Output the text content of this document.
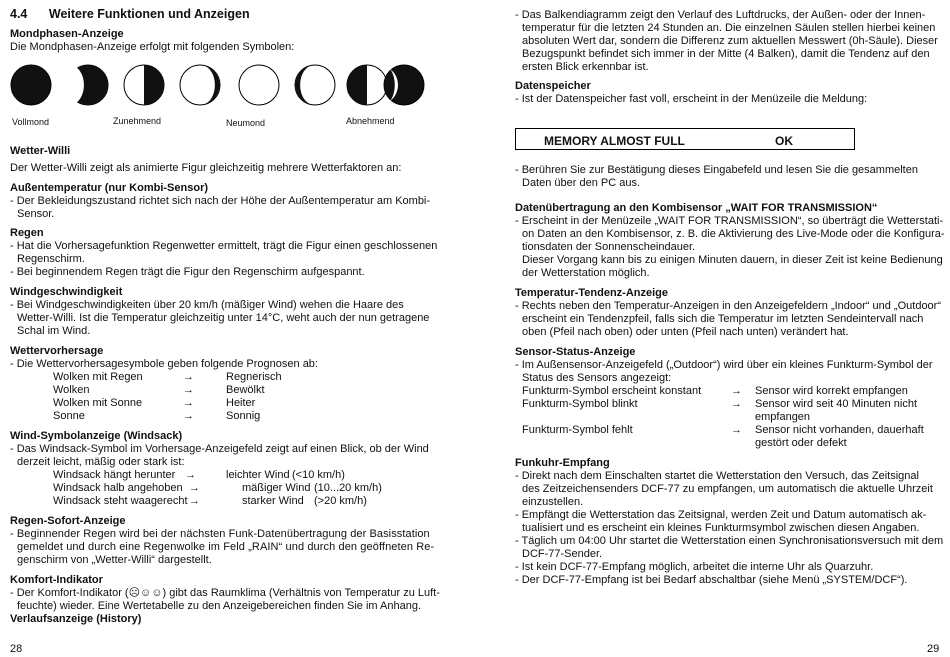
4.4 Weitere Funktionen und Anzeigen
Mondphasen-Anzeige
Die Mondphasen-Anzeige erfolgt mit folgenden Symbolen:
Vollmond	Zunehmend	Neumond	Abnehmend
Wetter-Willi
Der Wetter-Willi zeigt als animierte Figur gleichzeitig mehrere Wetterfaktoren an:
Außentemperatur (nur Kombi-Sensor)
- Der Bekleidungszustand richtet sich nach der Höhe der Außentemperatur am Kombi-
Sensor.
Regen
- Hat die Vorhersagefunktion Regenwetter ermittelt, trägt die Figur einen geschlossenen
Regenschirm.
- Bei beginnendem Regen trägt die Figur den Regenschirm aufgespannt.
Windgeschwindigkeit
- Bei Windgeschwindigkeiten über 20 km/h (mäßiger Wind) wehen die Haare des
Wetter-Willi. Ist die Temperatur gleichzeitig unter 14°C, weht auch der nun getragene
Schal im Wind.
Wettervorhersage
- Die Wettervorhersagesymbole geben folgende Prognosen ab:
Wolken mit Regen	→	Regnerisch
Wolken	→	Bewölkt
Wolken mit Sonne	→	Heiter
Sonne	→	Sonnig
Wind-Symbolanzeige (Windsack)
- Das Windsack-Symbol im Vorhersage-Anzeigefeld zeigt auf einen Blick, ob der Wind
derzeit leicht, mäßig oder stark ist:
Windsack hängt herunter →	leichter Wind (<10 km/h)
Windsack halb angehoben →	mäßiger Wind (10...20 km/h)
Windsack steht waagerecht →	starker Wind (>20 km/h)
Regen-Sofort-Anzeige
- Beginnender Regen wird bei der nächsten Funk-Datenübertragung der Basisstation
gemeldet und durch eine Regenwolke im Feld „RAIN“ und durch den geöffneten Re-
genschirm von „Wetter-Willi“ dargestellt.
Komfort-Indikator
- Der Komfort-Indikator (☹☺☺) gibt das Raumklima (Verhältnis von Temperatur zu Luft-
feuchte) wieder. Eine Wertetabelle zu den Anzeigebereichen finden Sie im Anhang.
Verlaufsanzeige (History)
28
- Das Balkendiagramm zeigt den Verlauf des Luftdrucks, der Außen- oder der Innen-
temperatur für die letzten 24 Stunden an. Die einzelnen Säulen stellen hierbei keinen
absoluten Wert dar, sondern die Differenz zum aktuellen Messwert (0h-Säule). Dieser
Bezugspunkt befindet sich immer in der Mitte (4 Balken), damit die Tendenz auf den
ersten Blick erkennbar ist.
Datenspeicher
- Ist der Datenspeicher fast voll, erscheint in der Menüzeile die Meldung:
- Berühren Sie zur Bestätigung dieses Eingabefeld und lesen Sie die gesammelten
Daten über den PC aus.
Datenübertragung an den Kombisensor „WAIT FOR TRANSMISSION“
- Erscheint in der Menüzeile „WAIT FOR TRANSMISSION“, so überträgt die Wetterstati-
on Daten an den Kombisensor, z. B. die Aktivierung des Live-Mode oder die Konfigura-
tionsdaten der Sonnenscheindauer.
Dieser Vorgang kann bis zu einigen Minuten dauern, in dieser Zeit ist keine Bedienung
der Wetterstation möglich.
Temperatur-Tendenz-Anzeige
- Rechts neben den Temperatur-Anzeigen in den Anzeigefeldern „Indoor“ und „Outdoor“
erscheint ein Tendenzpfeil, falls sich die Temperatur im letzten Sendeintervall nach
oben (Pfeil nach oben) oder unten (Pfeil nach unten) verändert hat.
Sensor-Status-Anzeige
- Im Außensensor-Anzeigefeld („Outdoor“) wird über ein kleines Funkturm-Symbol der
Status des Sensors angezeigt:
Funkturm-Symbol erscheint konstant	→ Sensor wird korrekt empfangen
Funkturm-Symbol blinkt	→ Sensor wird seit 40 Minuten nicht
empfangen
Funkturm-Symbol fehlt	→ Sensor nicht vorhanden, dauerhaft
gestört oder defekt
Funkuhr-Empfang
- Direkt nach dem Einschalten startet die Wetterstation den Versuch, das Zeitsignal
des Zeitzeichensenders DCF-77 zu empfangen, um automatisch die aktuelle Uhrzeit
einzustellen.
- Empfängt die Wetterstation das Zeitsignal, werden Zeit und Datum automatisch ak-
tualisiert und es erscheint ein kleines Funkturmsymbol zwischen diesen Angaben.
- Täglich um 04:00 Uhr startet die Wetterstation einen Synchronisationsversuch mit dem
DCF-77-Sender.
- Ist kein DCF-77-Empfang möglich, arbeitet die interne Uhr als Quarzuhr.
- Der DCF-77-Empfang ist bei Bedarf abschaltbar (siehe Menü „SYSTEM/DCF“).
MEMORY ALMOST FULL	OK
29
